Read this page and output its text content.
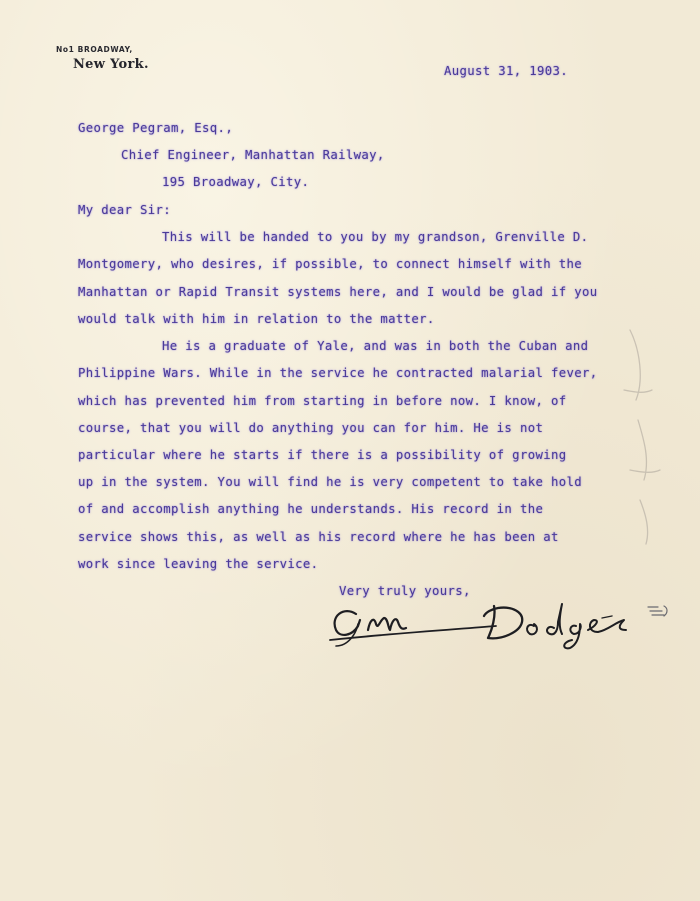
No1 BROADWAY,
New York.	August 31, 1903.
George Pegram, Esq.,
Chief Engineer, Manhattan Railway,
195 Broadway, City.
My dear Sir:
This will be handed to you by my grandson, Grenville D.
Montgomery, who desires, if possible, to connect himself with the
Manhattan or Rapid Transit systems here, and I would be glad if you
would talk with him in relation to the matter.
He is a graduate of Yale, and was in both the Cuban and
Philippine Wars. While in the service he contracted malarial fever,
which has prevented him from starting in before now. I know, of
course, that you will do anything you can for him. He is not
particular where he starts if there is a possibility of growing
up in the system. You will find he is very competent to take hold
of and accomplish anything he understands. His record in the
service shows this, as well as his record where he has been at
work since leaving the service.
Very truly yours,
